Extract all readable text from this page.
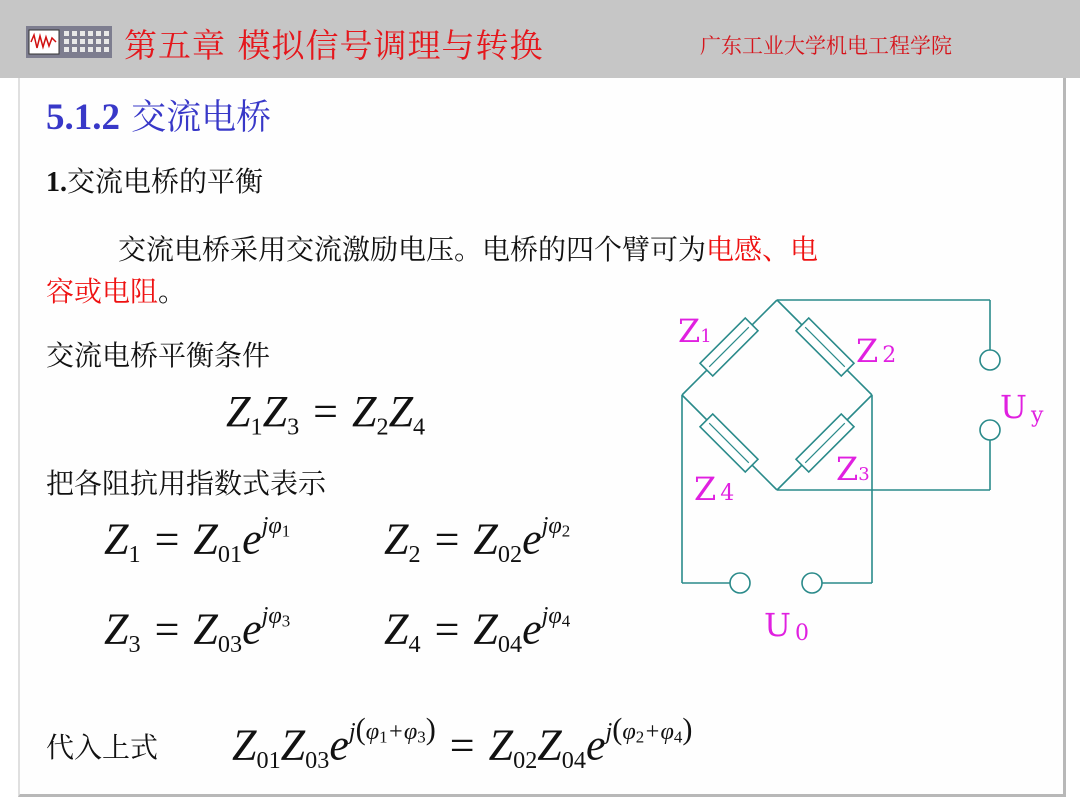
第五章 模拟信号调理与转换	广东工业大学机电工程学院
5.1.2 交流电桥
1.交流电桥的平衡
交流电桥采用交流激励电压。电桥的四个臂可为电感、电
容或电阻。
交流电桥平衡条件
Z1Z3 = Z2Z4
把各阻抗用指数式表示
$Z1 = Z01e^{j\varphi 1}$ $Z2 = Z02e^{j\varphi 2}$
$Z3 = Z03e^{j\varphi 3}$ $Z4 = Z04e^{j\varphi 4}$
代入上式 $Z01Z03e^{j(\varphi 1+\varphi 3)} = Z02Z04e^{j(\varphi 2+\varphi 4)}$
Z1	Z 2
Z3
Z 4
U y
U 0
